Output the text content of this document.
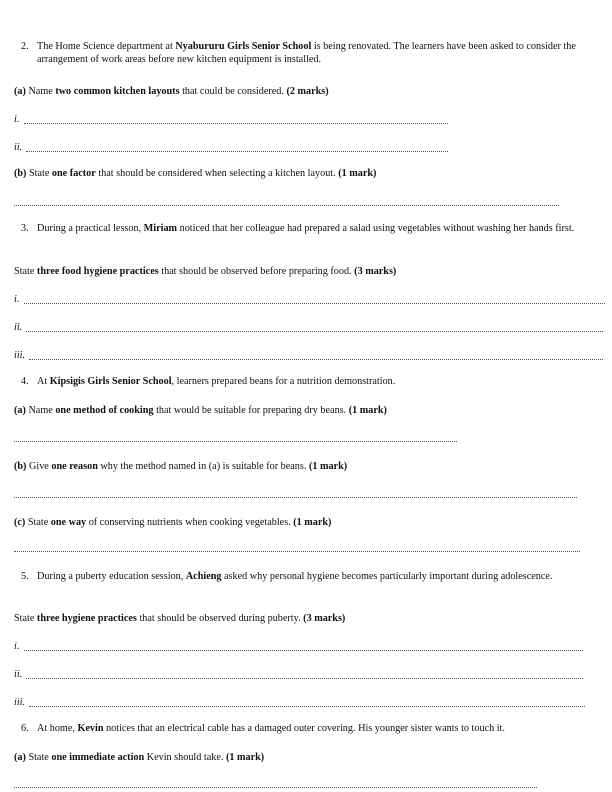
2. The Home Science department at Nyabururu Girls Senior School is being renovated. The learners have been asked to consider the arrangement of work areas before new kitchen equipment is installed.
(a) Name two common kitchen layouts that could be considered. (2 marks)
i.
ii.
(b) State one factor that should be considered when selecting a kitchen layout. (1 mark)
3. During a practical lesson, Miriam noticed that her colleague had prepared a salad using vegetables without washing her hands first.
State three food hygiene practices that should be observed before preparing food. (3 marks)
i.
ii.
iii.
4. At Kipsigis Girls Senior School, learners prepared beans for a nutrition demonstration.
(a) Name one method of cooking that would be suitable for preparing dry beans. (1 mark)
(b) Give one reason why the method named in (a) is suitable for beans. (1 mark)
(c) State one way of conserving nutrients when cooking vegetables. (1 mark)
5. During a puberty education session, Achieng asked why personal hygiene becomes particularly important during adolescence.
State three hygiene practices that should be observed during puberty. (3 marks)
i.
ii.
iii.
6. At home, Kevin notices that an electrical cable has a damaged outer covering. His younger sister wants to touch it.
(a) State one immediate action Kevin should take. (1 mark)
